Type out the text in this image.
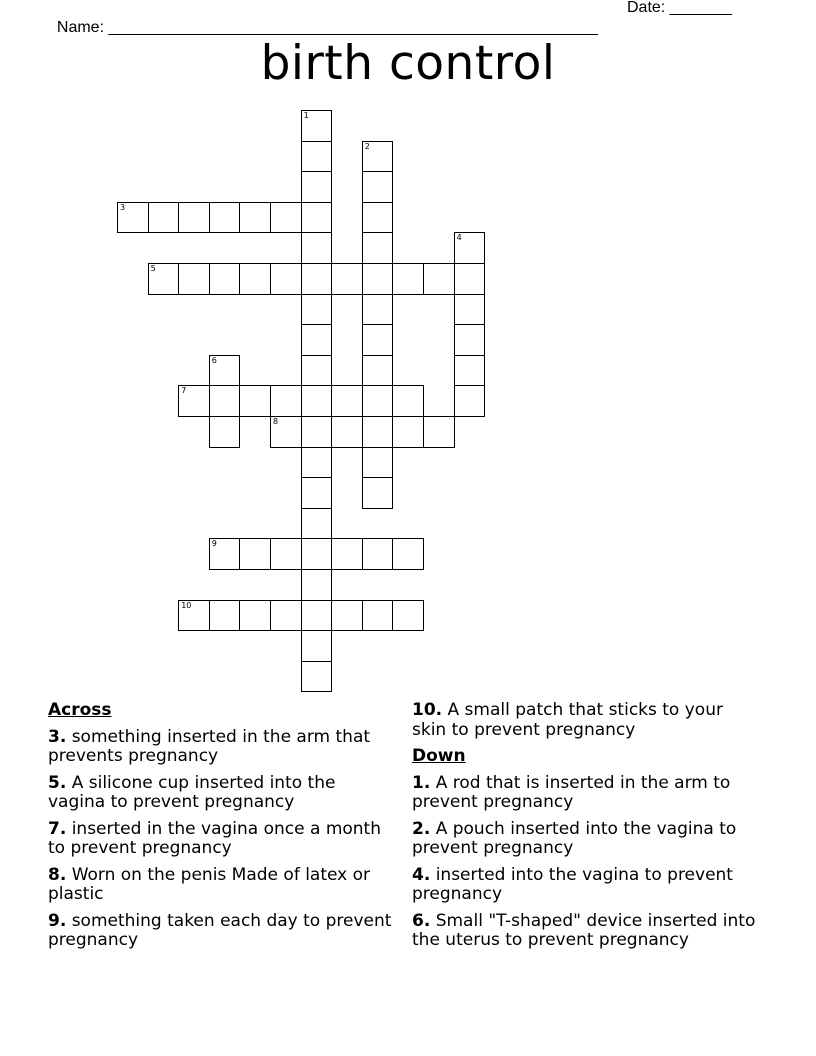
Name: _______________________________________________________

Date: _______

birth control
1
2
3
4
5
6
7
8
9
10
Across
3. something inserted in the arm that prevents pregnancy
5. A silicone cup inserted into the vagina to prevent pregnancy
7. inserted in the vagina once a month to prevent pregnancy
8. Worn on the penis Made of latex or plastic
9. something taken each day to prevent pregnancy
10. A small patch that sticks to your skin to prevent pregnancy
Down
1. A rod that is inserted in the arm to prevent pregnancy
2. A pouch inserted into the vagina to prevent pregnancy
4. inserted into the vagina to prevent pregnancy
6. Small "T-shaped" device inserted into the uterus to prevent pregnancy
